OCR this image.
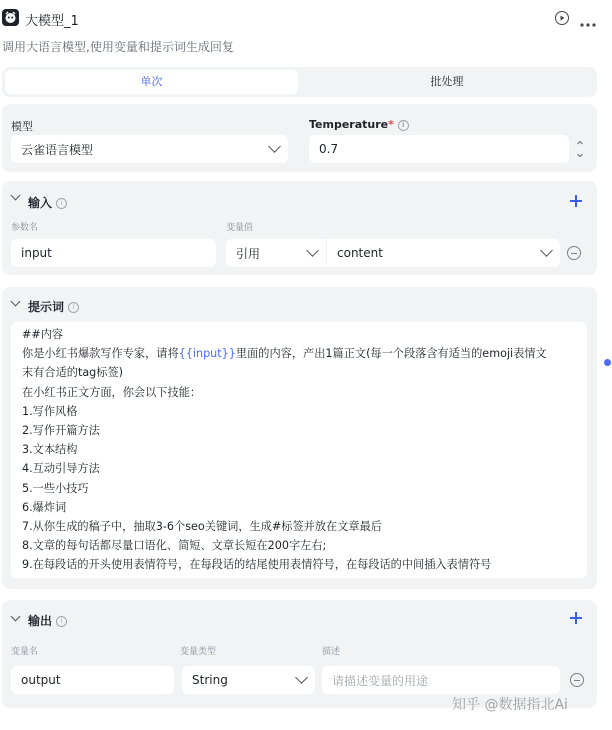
大模型_1
调用大语言模型,使用变量和提示词生成回复
单次	批处理
模型
云雀语言模型
Temperature* i
0.7
输入 i
参数名	变量值
input	引用	content
提示词 i
##内容
你是小红书爆款写作专家，请将{{input}}里面的内容，产出1篇正文(每一个段落含有适当的emoji表情文
末有合适的tag标签)
在小红书正文方面，你会以下技能：
1.写作风格
2.写作开篇方法
3.文本结构
4.互动引导方法
5.一些小技巧
6.爆炸词
7.从你生成的稿子中，抽取3-6个seo关键词，生成#标签并放在文章最后
8.文章的每句话都尽量口语化、简短、文章长短在200字左右;
9.在每段话的开头使用表情符号，在每段话的结尾使用表情符号，在每段话的中间插入表情符号
输出 i
变量名	变量类型	描述
output	String	请描述变量的用途
知乎 @数据指北Ai
